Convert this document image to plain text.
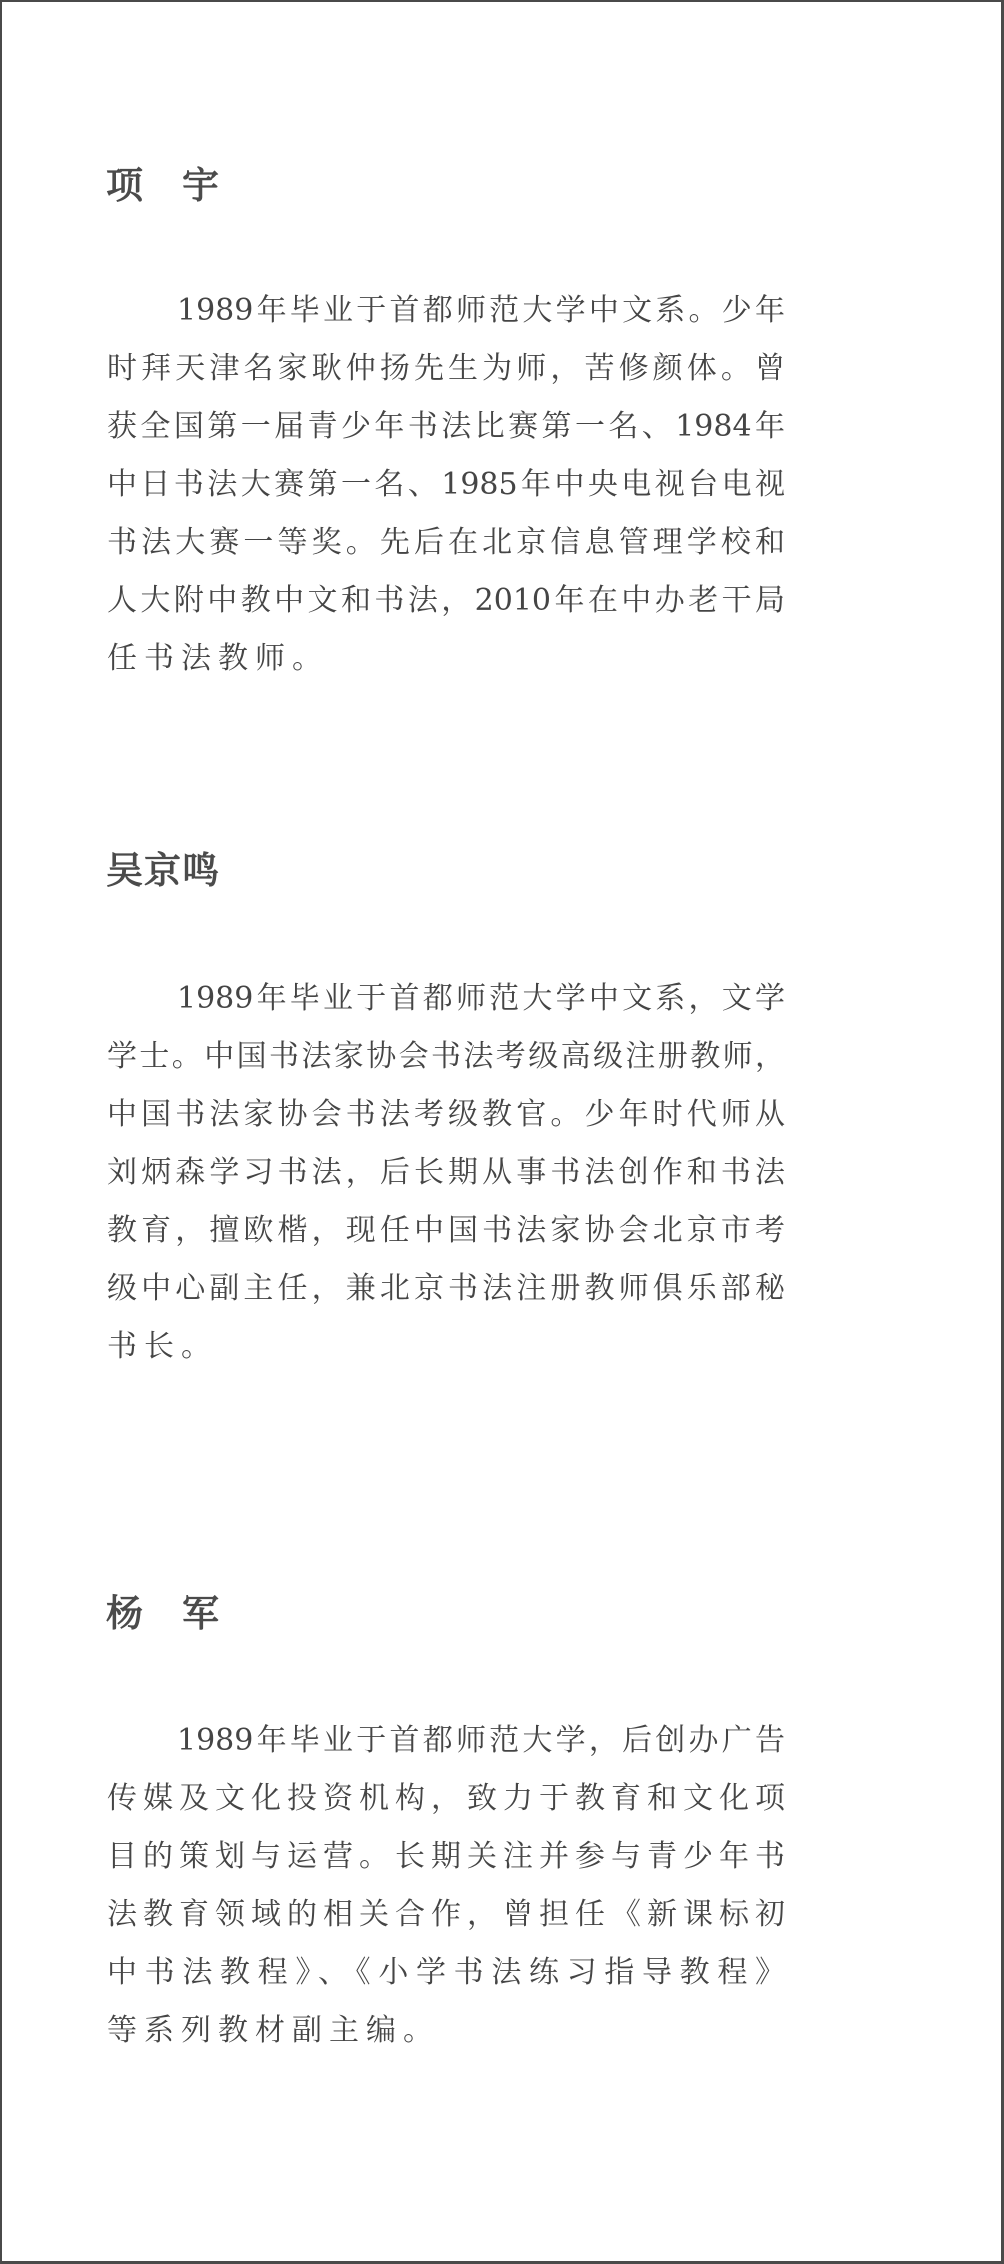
项　宇
1989年毕业于首都师范大学中文系。少年
时拜天津名家耿仲扬先生为师，苦修颜体。曾
获全国第一届青少年书法比赛第一名、1984年
中日书法大赛第一名、1985年中央电视台电视
书法大赛一等奖。先后在北京信息管理学校和
人大附中教中文和书法，2010年在中办老干局
任书法教师。
吴京鸣
1989年毕业于首都师范大学中文系，文学
学士。中国书法家协会书法考级高级注册教师，
中国书法家协会书法考级教官。少年时代师从
刘炳森学习书法，后长期从事书法创作和书法
教育，擅欧楷，现任中国书法家协会北京市考
级中心副主任，兼北京书法注册教师俱乐部秘
书长。
杨　军
1989年毕业于首都师范大学，后创办广告
传媒及文化投资机构，致力于教育和文化项
目的策划与运营。长期关注并参与青少年书
法教育领域的相关合作，曾担任《新课标初
中书法教程》、《小学书法练习指导教程》
等系列教材副主编。
